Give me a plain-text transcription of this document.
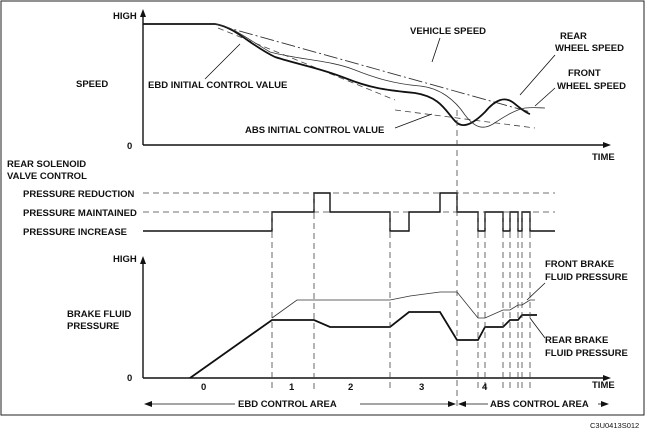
HIGH
SPEED
0
TIME
VEHICLE SPEED	REAR
WHEEL SPEED
FRONT
WHEEL SPEED
EBD INITIAL CONTROL VALUE
ABS INITIAL CONTROL VALUE
REAR SOLENOID
VALVE CONTROL
PRESSURE REDUCTION
PRESSURE MAINTAINED
PRESSURE INCREASE
HIGH
BRAKE FLUID
PRESSURE
0
TIME
FRONT BRAKE
FLUID PRESSURE
REAR BRAKE
FLUID PRESSURE
0	1	2	3	4
EBD CONTROL AREA	ABS CONTROL AREA
C3U0413S012
